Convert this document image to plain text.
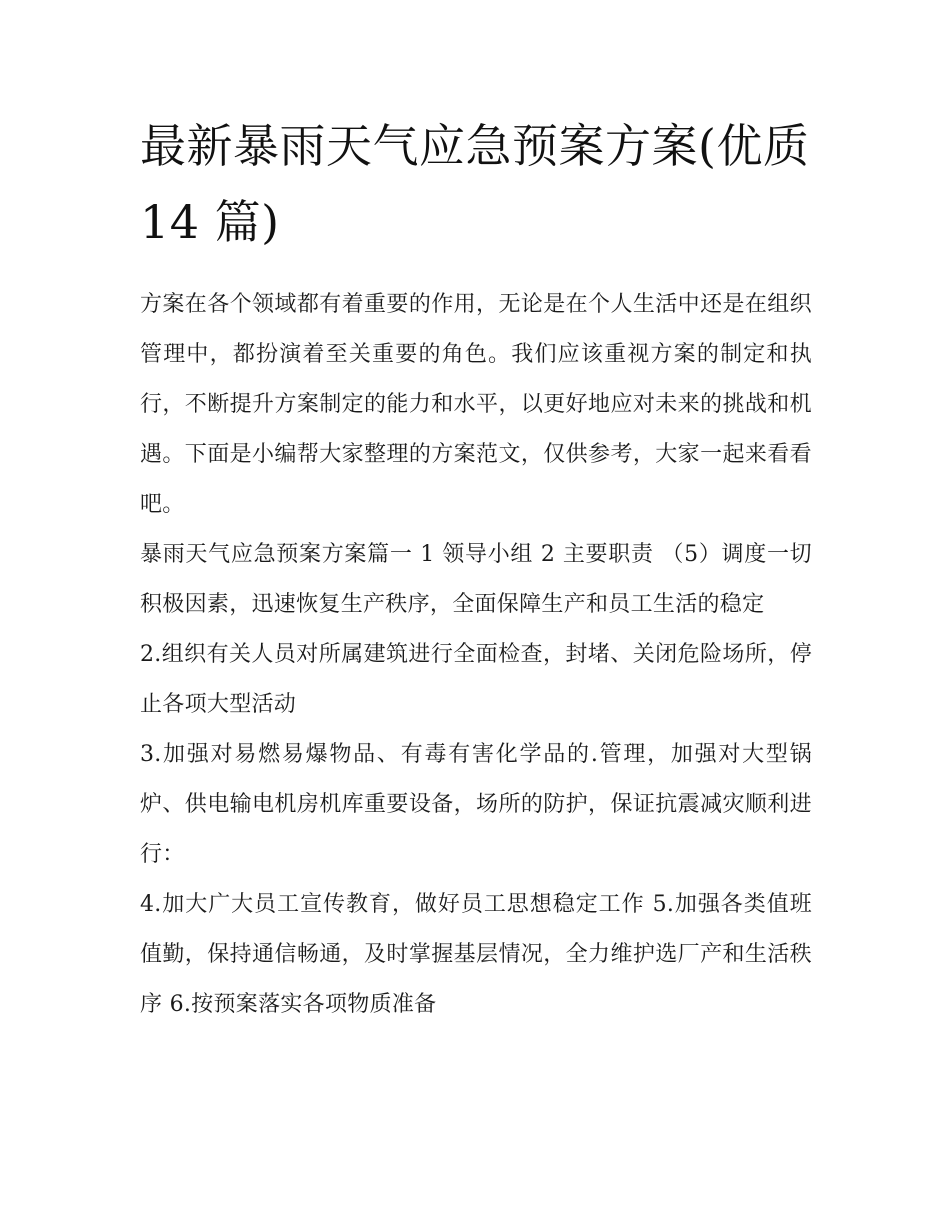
最新暴雨天气应急预案方案(优质 14 篇)

方案在各个领域都有着重要的作用，无论是在个人生活中还是在组织管理中，都扮演着至关重要的角色。我们应该重视方案的制定和执行，不断提升方案制定的能力和水平，以更好地应对未来的挑战和机遇。下面是小编帮大家整理的方案范文，仅供参考，大家一起来看看吧。

暴雨天气应急预案方案篇一 1 领导小组 2 主要职责 （5）调度一切积极因素，迅速恢复生产秩序，全面保障生产和员工生活的稳定

2.组织有关人员对所属建筑进行全面检查，封堵、关闭危险场所，停止各项大型活动

3.加强对易燃易爆物品、有毒有害化学品的.管理，加强对大型锅炉、供电输电机房机库重要设备，场所的防护，保证抗震减灾顺利进行：

4.加大广大员工宣传教育，做好员工思想稳定工作 5.加强各类值班值勤，保持通信畅通，及时掌握基层情况，全力维护选厂产和生活秩序 6.按预案落实各项物质准备
